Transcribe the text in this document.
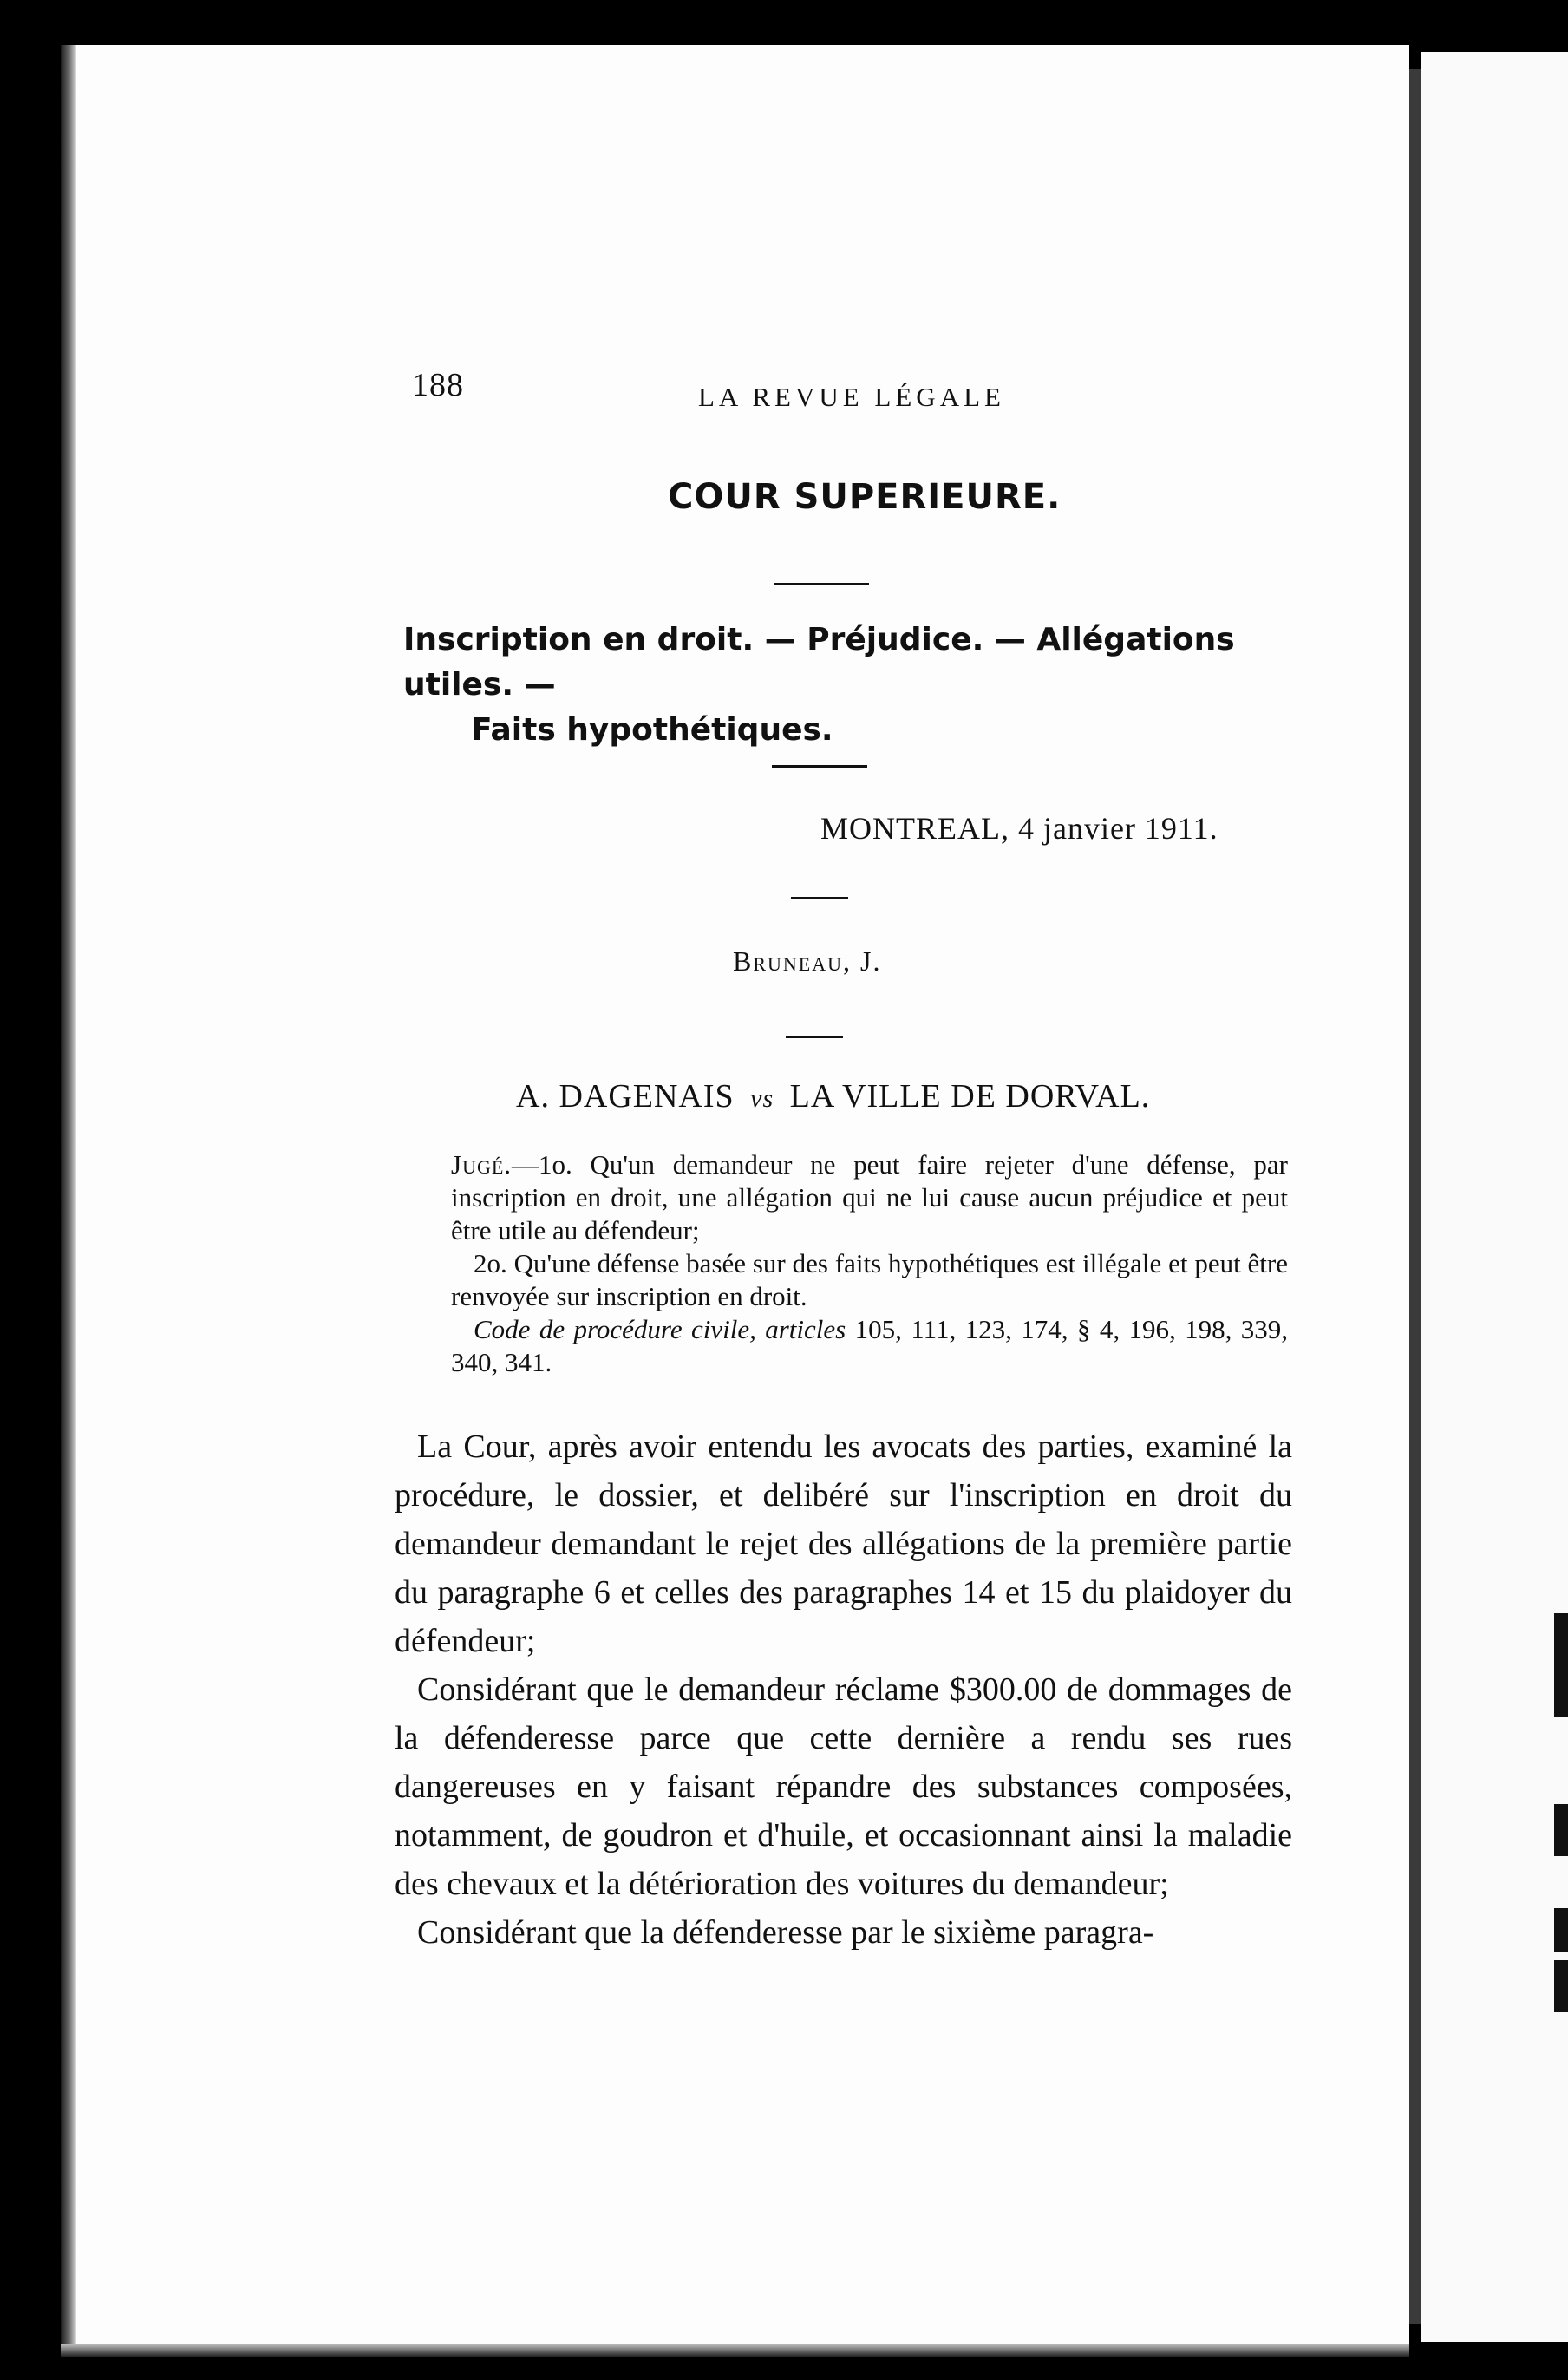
188	LA REVUE LÉGALE

COUR SUPERIEURE.
Inscription en droit. — Préjudice. — Allégations utiles. —
Faits hypothétiques.

MONTREAL, 4 janvier 1911.

Bruneau, J.

A. DAGENAIS vs LA VILLE DE DORVAL.

Jugé.—1o. Qu'un demandeur ne peut faire rejeter d'une défense, par inscription en droit, une allégation qui ne lui cause aucun préjudice et peut être utile au défendeur;

2o. Qu'une défense basée sur des faits hypothétiques est illégale et peut être renvoyée sur inscription en droit.

Code de procédure civile, articles 105, 111, 123, 174, § 4, 196, 198, 339, 340, 341.

La Cour, après avoir entendu les avocats des parties, examiné la procédure, le dossier, et delibéré sur l'inscription en droit du demandeur demandant le rejet des allégations de la première partie du paragraphe 6 et celles des paragraphes 14 et 15 du plaidoyer du défendeur;

Considérant que le demandeur réclame $300.00 de dommages de la défenderesse parce que cette dernière a rendu ses rues dangereuses en y faisant répandre des substances composées, notamment, de goudron et d'huile, et occasionnant ainsi la maladie des chevaux et la détérioration des voitures du demandeur;

Considérant que la défenderesse par le sixième paragra-
